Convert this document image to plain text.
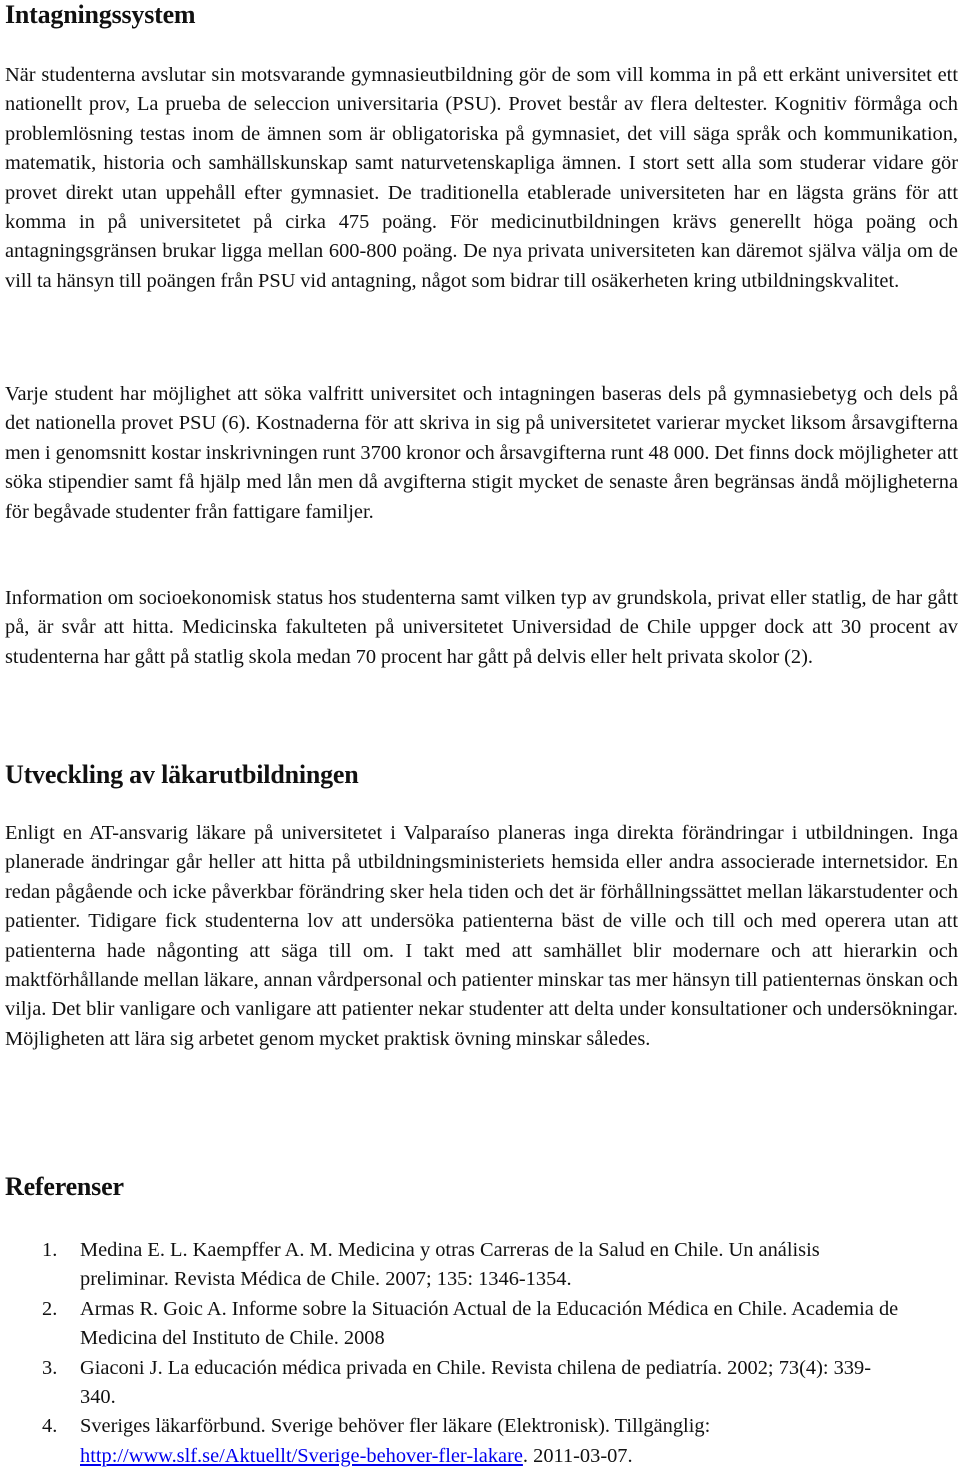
Intagningssystem

När studenterna avslutar sin motsvarande gymnasieutbildning gör de som vill komma in på ett erkänt universitet ett nationellt prov, La prueba de seleccion universitaria (PSU). Provet består av flera deltester. Kognitiv förmåga och problemlösning testas inom de ämnen som är obligatoriska på gymnasiet, det vill säga språk och kommunikation, matematik, historia och samhällskunskap samt naturvetenskapliga ämnen. I stort sett alla som studerar vidare gör provet direkt utan uppehåll efter gymnasiet. De traditionella etablerade universiteten har en lägsta gräns för att komma in på universitetet på cirka 475 poäng. För medicinutbildningen krävs generellt höga poäng och antagningsgränsen brukar ligga mellan 600-800 poäng. De nya privata universiteten kan däremot själva välja om de vill ta hänsyn till poängen från PSU vid antagning, något som bidrar till osäkerheten kring utbildningskvalitet.

Varje student har möjlighet att söka valfritt universitet och intagningen baseras dels på gymnasiebetyg och dels på det nationella provet PSU (6). Kostnaderna för att skriva in sig på universitetet varierar mycket liksom årsavgifterna men i genomsnitt kostar inskrivningen runt 3700 kronor och årsavgifterna runt 48 000. Det finns dock möjligheter att söka stipendier samt få hjälp med lån men då avgifterna stigit mycket de senaste åren begränsas ändå möjligheterna för begåvade studenter från fattigare familjer.

Information om socioekonomisk status hos studenterna samt vilken typ av grundskola, privat eller statlig, de har gått på, är svår att hitta. Medicinska fakulteten på universitetet Universidad de Chile uppger dock att 30 procent av studenterna har gått på statlig skola medan 70 procent har gått på delvis eller helt privata skolor (2).

Utveckling av läkarutbildningen

Enligt en AT-ansvarig läkare på universitetet i Valparaíso planeras inga direkta förändringar i utbildningen. Inga planerade ändringar går heller att hitta på utbildningsministeriets hemsida eller andra associerade internetsidor. En redan pågående och icke påverkbar förändring sker hela tiden och det är förhållningssättet mellan läkarstudenter och patienter. Tidigare fick studenterna lov att undersöka patienterna bäst de ville och till och med operera utan att patienterna hade någonting att säga till om. I takt med att samhället blir modernare och att hierarkin och maktförhållande mellan läkare, annan vårdpersonal och patienter minskar tas mer hänsyn till patienternas önskan och vilja. Det blir vanligare och vanligare att patienter nekar studenter att delta under konsultationer och undersökningar. Möjligheten att lära sig arbetet genom mycket praktisk övning minskar således.

Referenser
1. Medina E. L. Kaempffer A. M. Medicina y otras Carreras de la Salud en Chile. Un análisis preliminar. Revista Médica de Chile. 2007; 135: 1346-1354.
2. Armas R. Goic A. Informe sobre la Situación Actual de la Educación Médica en Chile. Academia de Medicina del Instituto de Chile. 2008
3. Giaconi J. La educación médica privada en Chile. Revista chilena de pediatría. 2002; 73(4): 339-340.
4. Sveriges läkarförbund. Sverige behöver fler läkare (Elektronisk). Tillgänglig: http://www.slf.se/Aktuellt/Sverige-behover-fler-lakare. 2011-03-07.
